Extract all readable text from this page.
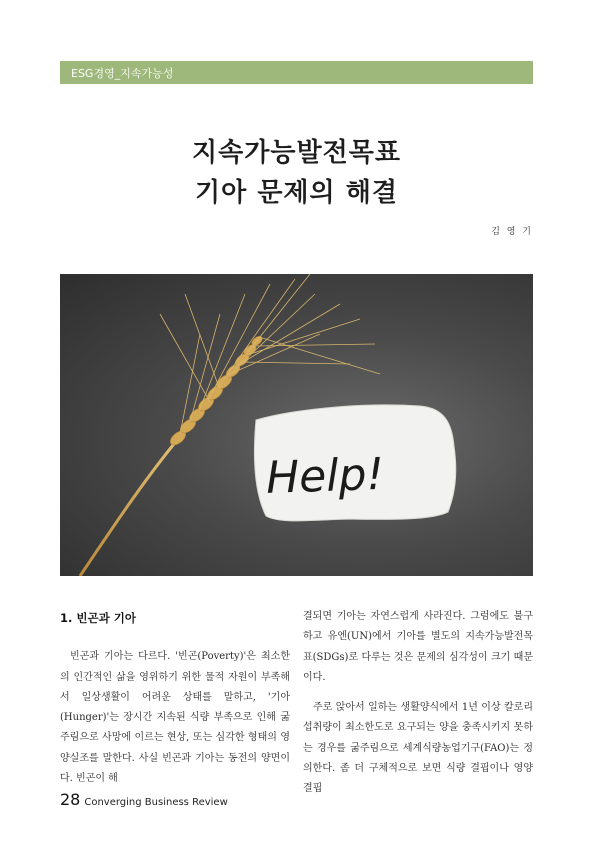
ESG경영_지속가능성
지속가능발전목표
기아 문제의 해결
김 영 기
Help!
1. 빈곤과 기아

빈곤과 기아는 다르다. '빈곤(Poverty)'은 최소한의 인간적인 삶을 영위하기 위한 물적 자원이 부족해서 일상생활이 어려운 상태를 말하고, '기아(Hunger)'는 장시간 지속된 식량 부족으로 인해 굶주림으로 사망에 이르는 현상, 또는 심각한 형태의 영양실조를 말한다. 사실 빈곤과 기아는 동전의 양면이다. 빈곤이 해

결되면 기아는 자연스럽게 사라진다. 그럼에도 불구하고 유엔(UN)에서 기아를 별도의 지속가능발전목표(SDGs)로 다루는 것은 문제의 심각성이 크기 때문이다.

주로 앉아서 일하는 생활양식에서 1년 이상 칼로리 섭취량이 최소한도로 요구되는 양을 충족시키지 못하는 경우를 굶주림으로 세계식량농업기구(FAO)는 정의한다. 좀 더 구체적으로 보면 식량 결핍이나 영양 결핍

28 Converging Business Review
